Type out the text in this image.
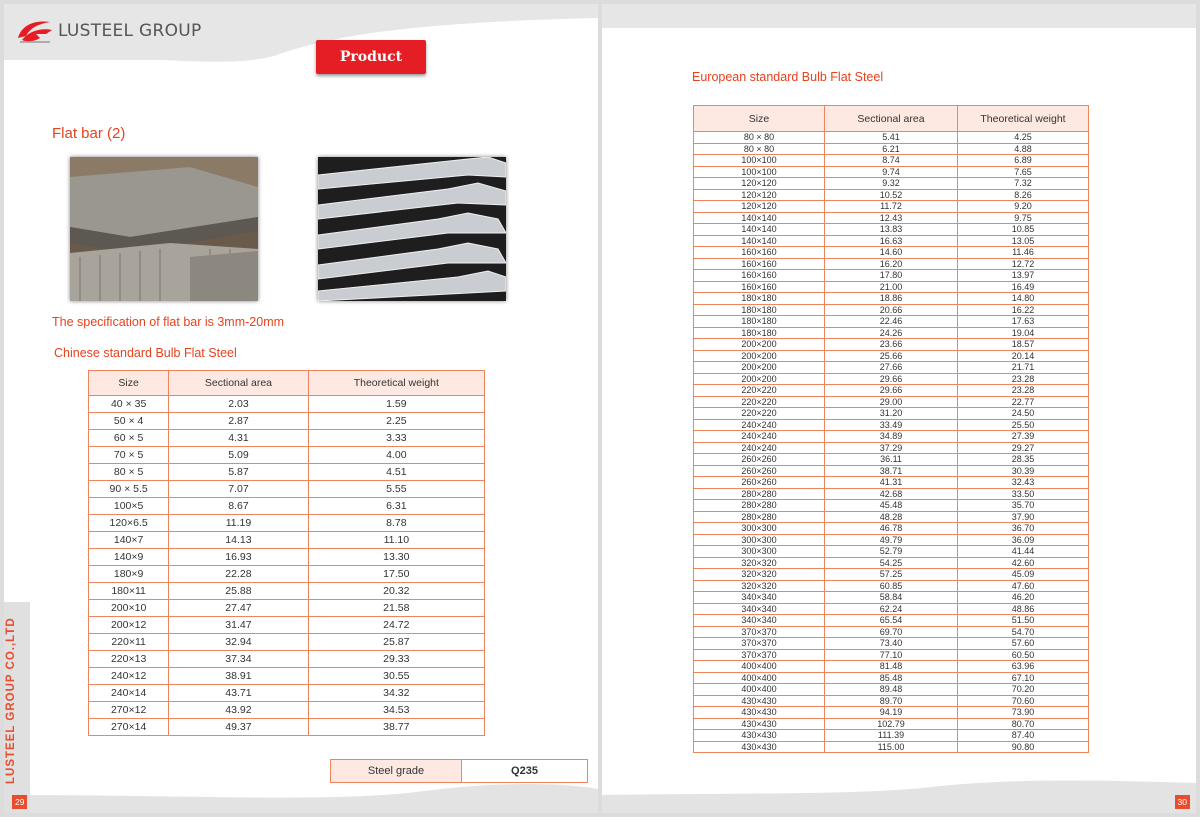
LUSTEEL GROUP
Product
Flat bar (2)
The specification of flat bar is 3mm-20mm
Chinese standard Bulb Flat Steel
Size	Sectional area	Theoretical weight
40 × 35	2.03	1.59
50 × 4	2.87	2.25
60 × 5	4.31	3.33
70 × 5	5.09	4.00
80 × 5	5.87	4.51
90 × 5.5	7.07	5.55
100×5	8.67	6.31
120×6.5	11.19	8.78
140×7	14.13	11.10
140×9	16.93	13.30
180×9	22.28	17.50
180×11	25.88	20.32
200×10	27.47	21.58
200×12	31.47	24.72
220×11	32.94	25.87
220×13	37.34	29.33
240×12	38.91	30.55
240×14	43.71	34.32
270×12	43.92	34.53
270×14	49.37	38.77
Steel grade	Q235
LUSTEEL GROUP CO.,LTD
29
European standard Bulb Flat Steel
Size	Sectional area	Theoretical weight
80 × 80	5.41	4.25
80 × 80	6.21	4.88
100×100	8.74	6.89
100×100	9.74	7.65
120×120	9.32	7.32
120×120	10.52	8.26
120×120	11.72	9.20
140×140	12.43	9.75
140×140	13.83	10.85
140×140	16.63	13.05
160×160	14.60	11.46
160×160	16.20	12.72
160×160	17.80	13.97
160×160	21.00	16.49
180×180	18.86	14.80
180×180	20.66	16.22
180×180	22.46	17.63
180×180	24.26	19.04
200×200	23.66	18.57
200×200	25.66	20.14
200×200	27.66	21.71
200×200	29.66	23.28
220×220	29.66	23.28
220×220	29.00	22.77
220×220	31.20	24.50
240×240	33.49	25.50
240×240	34.89	27.39
240×240	37.29	29.27
260×260	36.11	28.35
260×260	38.71	30.39
260×260	41.31	32.43
280×280	42.68	33.50
280×280	45.48	35.70
280×280	48.28	37.90
300×300	46.78	36.70
300×300	49.79	36.09
300×300	52.79	41.44
320×320	54.25	42.60
320×320	57.25	45.09
320×320	60.85	47.60
340×340	58.84	46.20
340×340	62.24	48.86
340×340	65.54	51.50
370×370	69.70	54.70
370×370	73.40	57.60
370×370	77.10	60.50
400×400	81.48	63.96
400×400	85.48	67.10
400×400	89.48	70.20
430×430	89.70	70.60
430×430	94.19	73.90
430×430	102.79	80.70
430×430	111.39	87.40
430×430	115.00	90.80
30
